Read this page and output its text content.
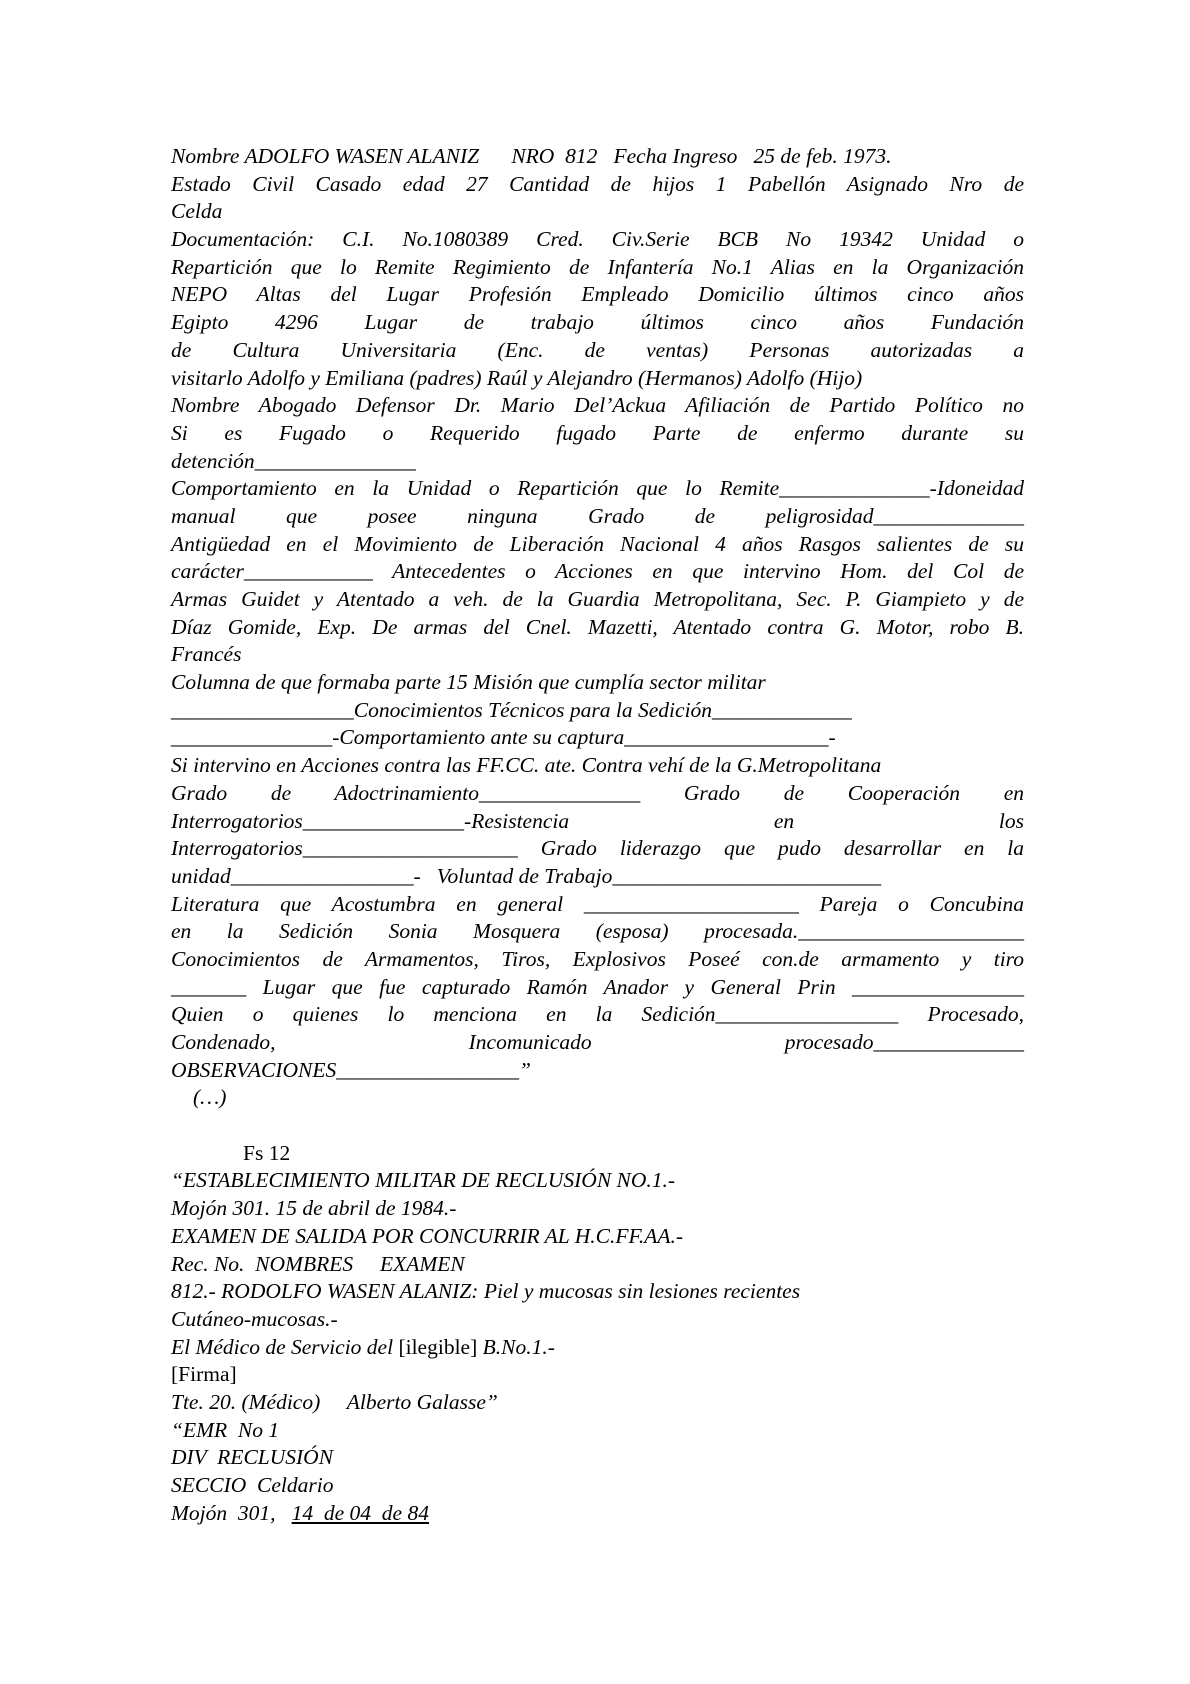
Nombre ADOLFO WASEN ALANIZ      NRO  812   Fecha Ingreso   25 de feb. 1973.
Estado Civil Casado edad 27 Cantidad de hijos 1 Pabellón Asignado Nro de
Celda
Documentación: C.I. No.1080389 Cred. Civ.Serie BCB No 19342 Unidad o
Repartición que lo Remite Regimiento de Infantería No.1 Alias en la Organización
NEPO Altas del Lugar Profesión Empleado Domicilio últimos cinco años
Egipto 4296 Lugar de trabajo últimos cinco años Fundación
de Cultura Universitaria (Enc. de ventas) Personas autorizadas a
visitarlo Adolfo y Emiliana (padres) Raúl y Alejandro (Hermanos) Adolfo (Hijo)
Nombre Abogado Defensor Dr. Mario Del’Ackua Afiliación de Partido Político no
Si es Fugado o Requerido fugado Parte de enfermo durante su
detención_______________
Comportamiento en la Unidad o Repartición que lo Remite______________-Idoneidad
manual que posee ninguna Grado de peligrosidad______________
Antigüedad en el Movimiento de Liberación Nacional 4 años Rasgos salientes de su
carácter____________ Antecedentes o Acciones en que intervino Hom. del Col de
Armas Guidet y Atentado a veh. de la Guardia Metropolitana, Sec. P. Giampieto y de
Díaz Gomide, Exp. De armas del Cnel. Mazetti, Atentado contra G. Motor, robo B.
Francés
Columna de que formaba parte 15 Misión que cumplía sector militar
_________________Conocimientos Técnicos para la Sedición_____________
_______________-Comportamiento ante su captura___________________-
Si intervino en Acciones contra las FF.CC. ate. Contra vehí de la G.Metropolitana
Grado de Adoctrinamiento_______________ Grado de Cooperación en
Interrogatorios_______________-Resistencia en los
Interrogatorios____________________ Grado liderazgo que pudo desarrollar en la
unidad_________________-   Voluntad de Trabajo_________________________
Literatura que Acostumbra en general ____________________ Pareja o Concubina
en la Sedición Sonia Mosquera (esposa) procesada._____________________
Conocimientos de Armamentos, Tiros, Explosivos Poseé con.de armamento y tiro
_______ Lugar que fue capturado Ramón Anador y General Prin ________________
Quien o quienes lo menciona en la Sedición_________________ Procesado,
Condenado, Incomunicado procesado______________
OBSERVACIONES_________________”
(…)
Fs 12
“ESTABLECIMIENTO MILITAR DE RECLUSIÓN NO.1.-
Mojón 301. 15 de abril de 1984.-
EXAMEN DE SALIDA POR CONCURRIR AL H.C.FF.AA.-
Rec. No.  NOMBRES     EXAMEN
812.- RODOLFO WASEN ALANIZ: Piel y mucosas sin lesiones recientes
Cutáneo-mucosas.-
El Médico de Servicio del [ilegible] B.No.1.-
[Firma]
Tte. 20. (Médico)     Alberto Galasse”
“EMR  No 1
DIV  RECLUSIÓN
SECCIO  Celdario
Mojón  301,   14  de 04  de 84
